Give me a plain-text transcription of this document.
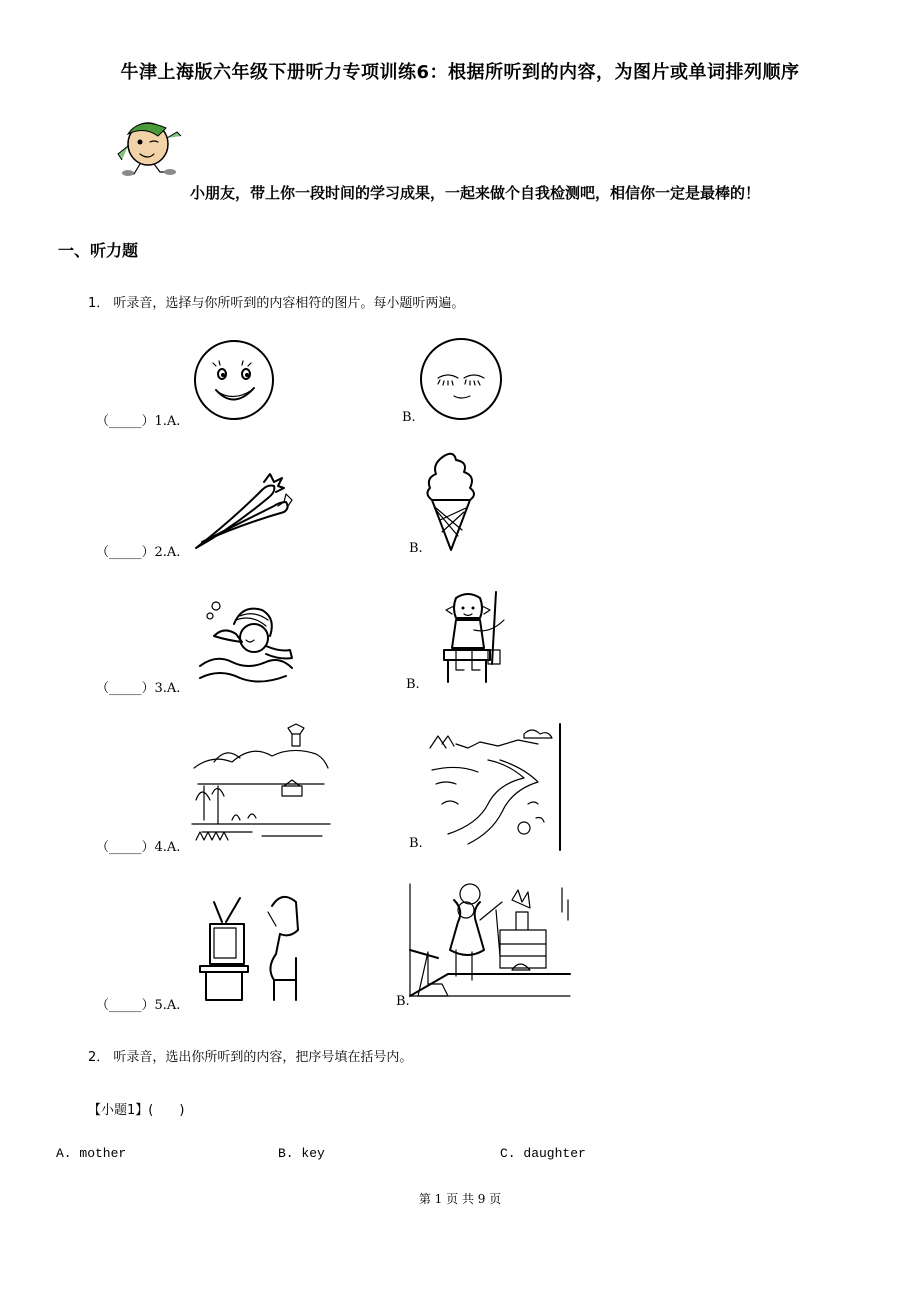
牛津上海版六年级下册听力专项训练6：根据所听到的内容，为图片或单词排列顺序
小朋友，带上你一段时间的学习成果，一起来做个自我检测吧，相信你一定是最棒的！
一、听力题
1． 听录音，选择与你所听到的内容相符的图片。每小题听两遍。
（_____）1.A.	B.
（_____）2.A.	B.
（_____）3.A.	B.
（_____）4.A.	B.
（_____）5.A.	B.
2． 听录音，选出你所听到的内容，把序号填在括号内。
【小题1】(　　)
A. mother	B. key	C. daughter
第 1 页 共 9 页
